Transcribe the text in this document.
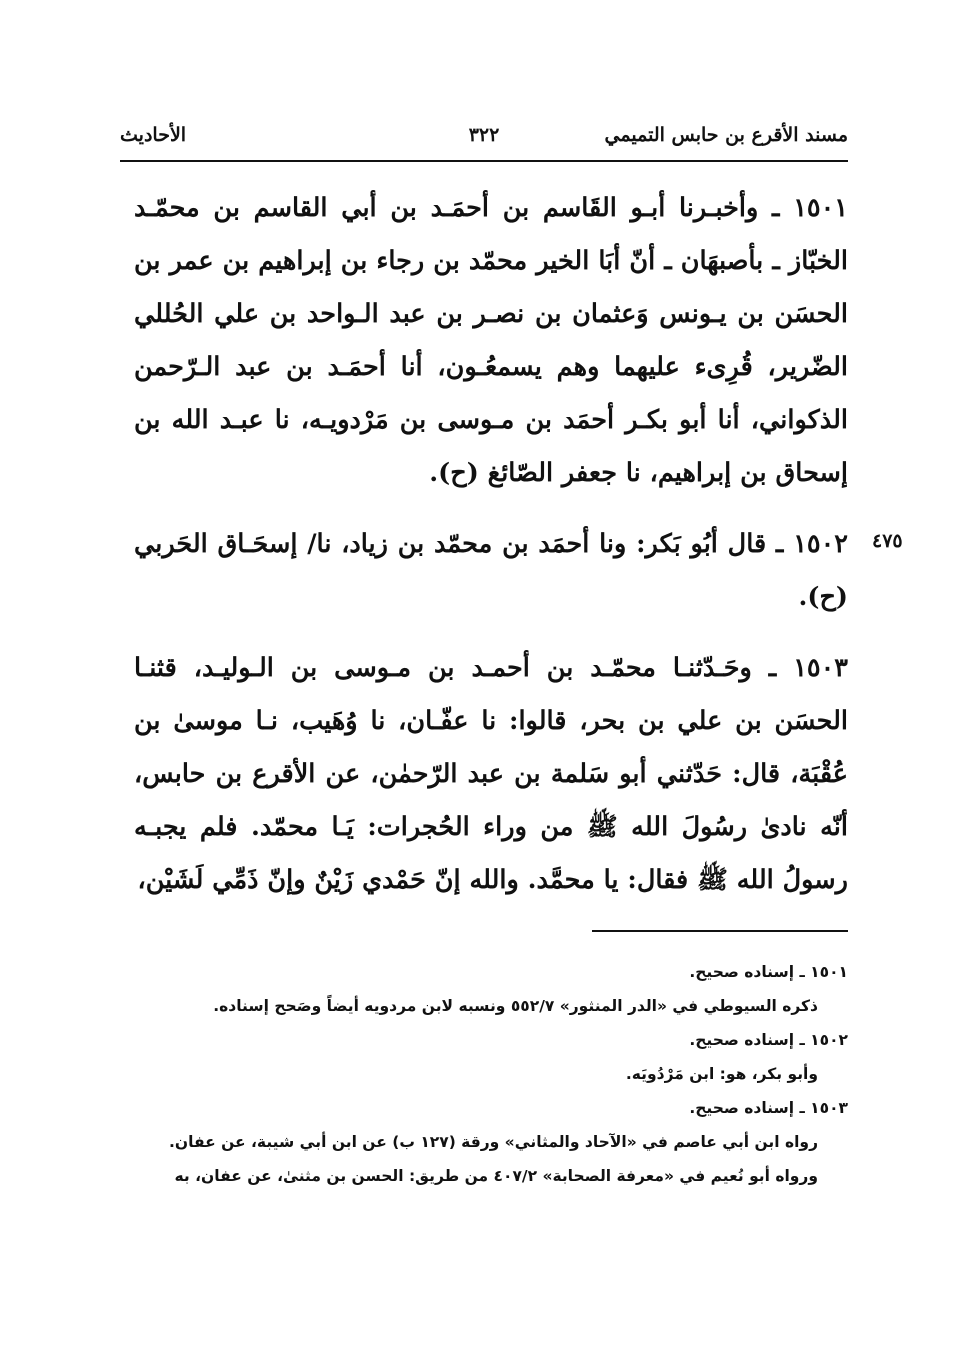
مسند الأقرع بن حابس التميمي
٣٢٢
الأحاديث
٤٧٥

١٥٠١ ـ وأخبـرنا أبـو القَاسم بن أحمَـد بن أبي القاسم بن محمّـد الخبّاز ـ بأصبهَان ـ أنّ أبَا الخير محمّد بن رجاء بن إبراهيم بن عمر بن الحسَن بن يـونس وَعثمان بن نصـر بن عبد الـواحد بن علي الحُللي الضّرير، قُرِىء عليهما وهم يسمعُـون، أنا أحمَـد بن عبد الـرّحمن الذكواني، أنا أبو بكـر أحمَد بن مـوسى بن مَرْدويـه، نا عبـد الله بن إسحاق بن إبراهيم، نا جعفر الصّائغ (ح).

١٥٠٢ ـ قال أبُو بَكر: ونا أحمَد بن محمّد بن زياد، نا/ إسحَـاق الحَربي (ح).

١٥٠٣ ـ وحَـدّثنـا محمّـد بن أحمـد بن مـوسى بن الـوليـد، قثنـا الحسَن بن علي بن بحر، قالوا: نا عفّـان، نا وُهَيب، نـا موسىٰ بن عُقْبَة، قال: حَدّثني أبو سَلمة بن عبد الرّحمٰن، عن الأقرع بن حابس، أنّه نادىٰ رسُولَ الله ﷺ من وراء الحُجرات: يَـا محمّد. فلم يجبـه رسولُ الله ﷺ فقال: يا محمَّد. والله إنّ حَمْدي زَيْنٌ وإنّ ذَمِّي لَشَيْن،

١٥٠١ ـ إسناده صحيح.

ذكره السيوطي في «الدر المنثور» ٥٥٢/٧ ونسبه لابن مردويه أيضاً وصَحح إسناده.

١٥٠٢ ـ إسناده صحيح.

وأبو بكر، هو: ابن مَرْدُويَه.

١٥٠٣ ـ إسناده صحيح.

رواه ابن أبي عاصم في «الآحاد والمثاني» ورقة (١٢٧ ب) عن ابن أبي شيبة، عن عفان.

ورواه أبو نُعيم في «معرفة الصحابة» ٤٠٧/٢ من طريق: الحسن بن مثنىٰ، عن عفان، به
